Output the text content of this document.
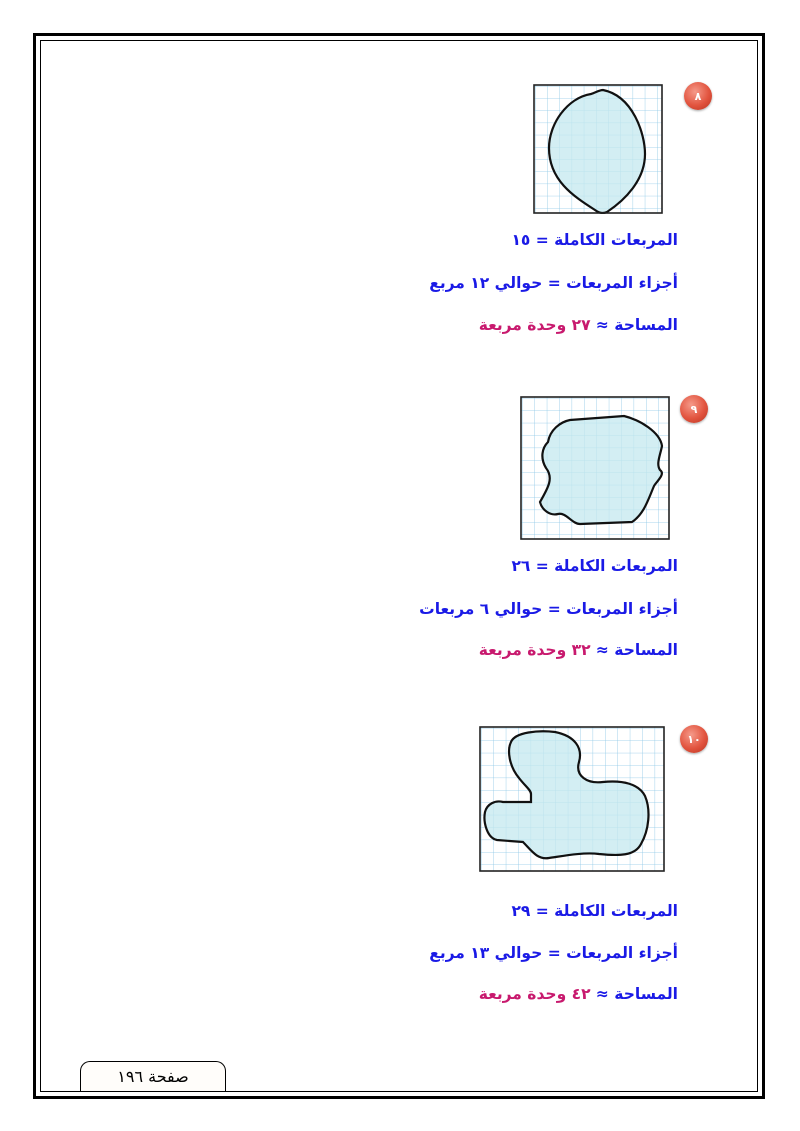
٨
المربعات الكاملة = ١٥
أجزاء المربعات = حوالي ١٢ مربع
المساحة ≈ ٢٧ وحدة مربعة
٩
المربعات الكاملة = ٢٦
أجزاء المربعات = حوالي ٦ مربعات
المساحة ≈ ٣٢ وحدة مربعة
١٠
المربعات الكاملة = ٢٩
أجزاء المربعات = حوالي ١٣ مربع
المساحة ≈ ٤٢ وحدة مربعة
صفحة ١٩٦
